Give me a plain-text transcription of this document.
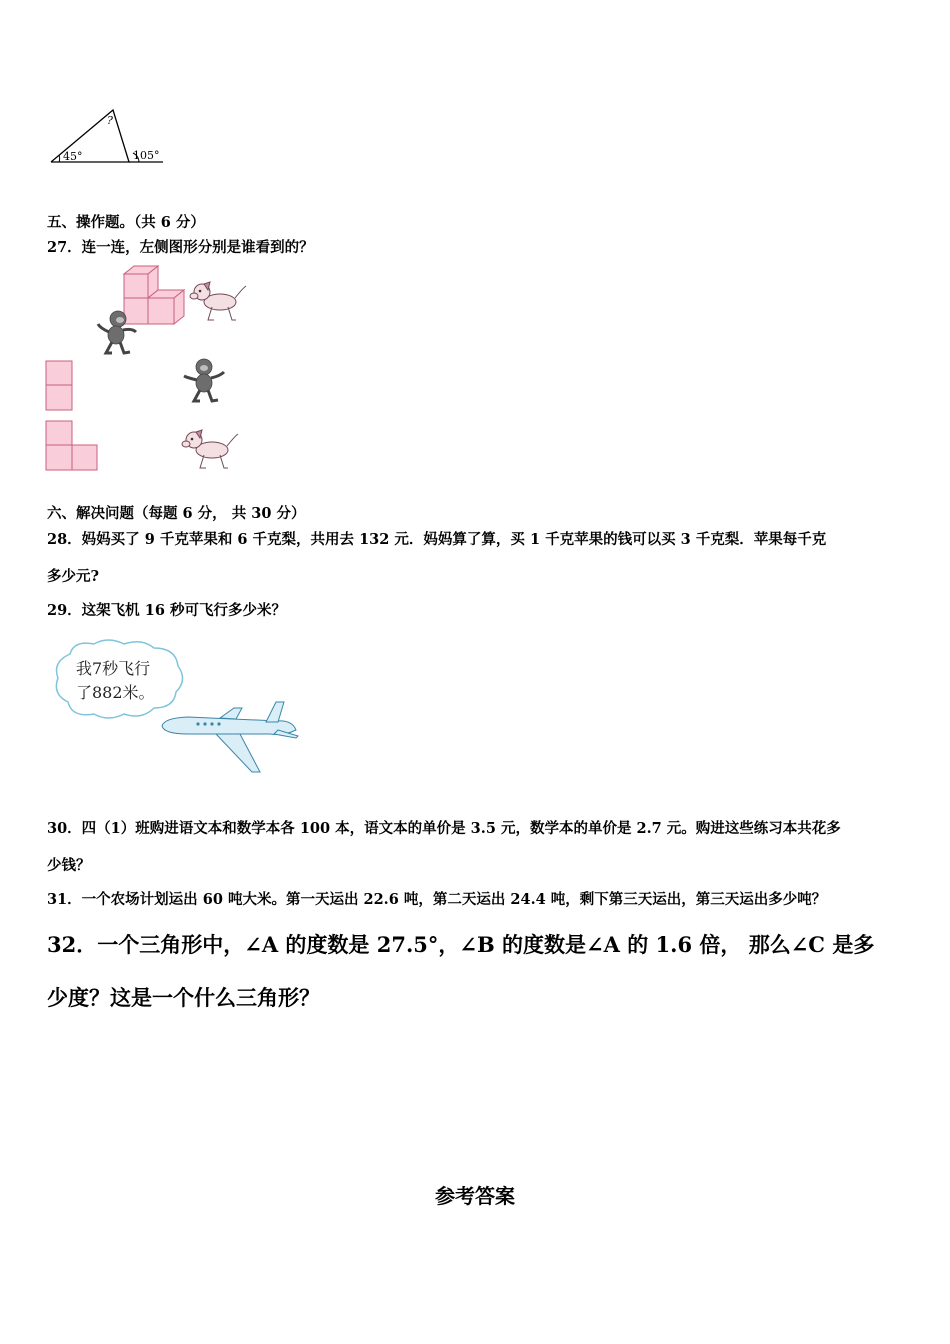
45°
?
105°
五、操作题。（共 6 分）
27．连一连，左侧图形分别是谁看到的？
六、解决问题（每题 6 分， 共 30 分）
28．妈妈买了 9 千克苹果和 6 千克梨，共用去 132 元．妈妈算了算，买 1 千克苹果的钱可以买 3 千克梨．苹果每千克
多少元?
29．这架飞机 16 秒可飞行多少米？
我7秒飞行
了882米。
30．四（1）班购进语文本和数学本各 100 本，语文本的单价是 3.5 元，数学本的单价是 2.7 元。购进这些练习本共花多
少钱？
31．一个农场计划运出 60 吨大米。第一天运出 22.6 吨，第二天运出 24.4 吨，剩下第三天运出，第三天运出多少吨？
32．一个三角形中，∠A 的度数是 27.5°，∠B 的度数是∠A 的 1.6 倍， 那么∠C 是多
少度？这是一个什么三角形？
参考答案
